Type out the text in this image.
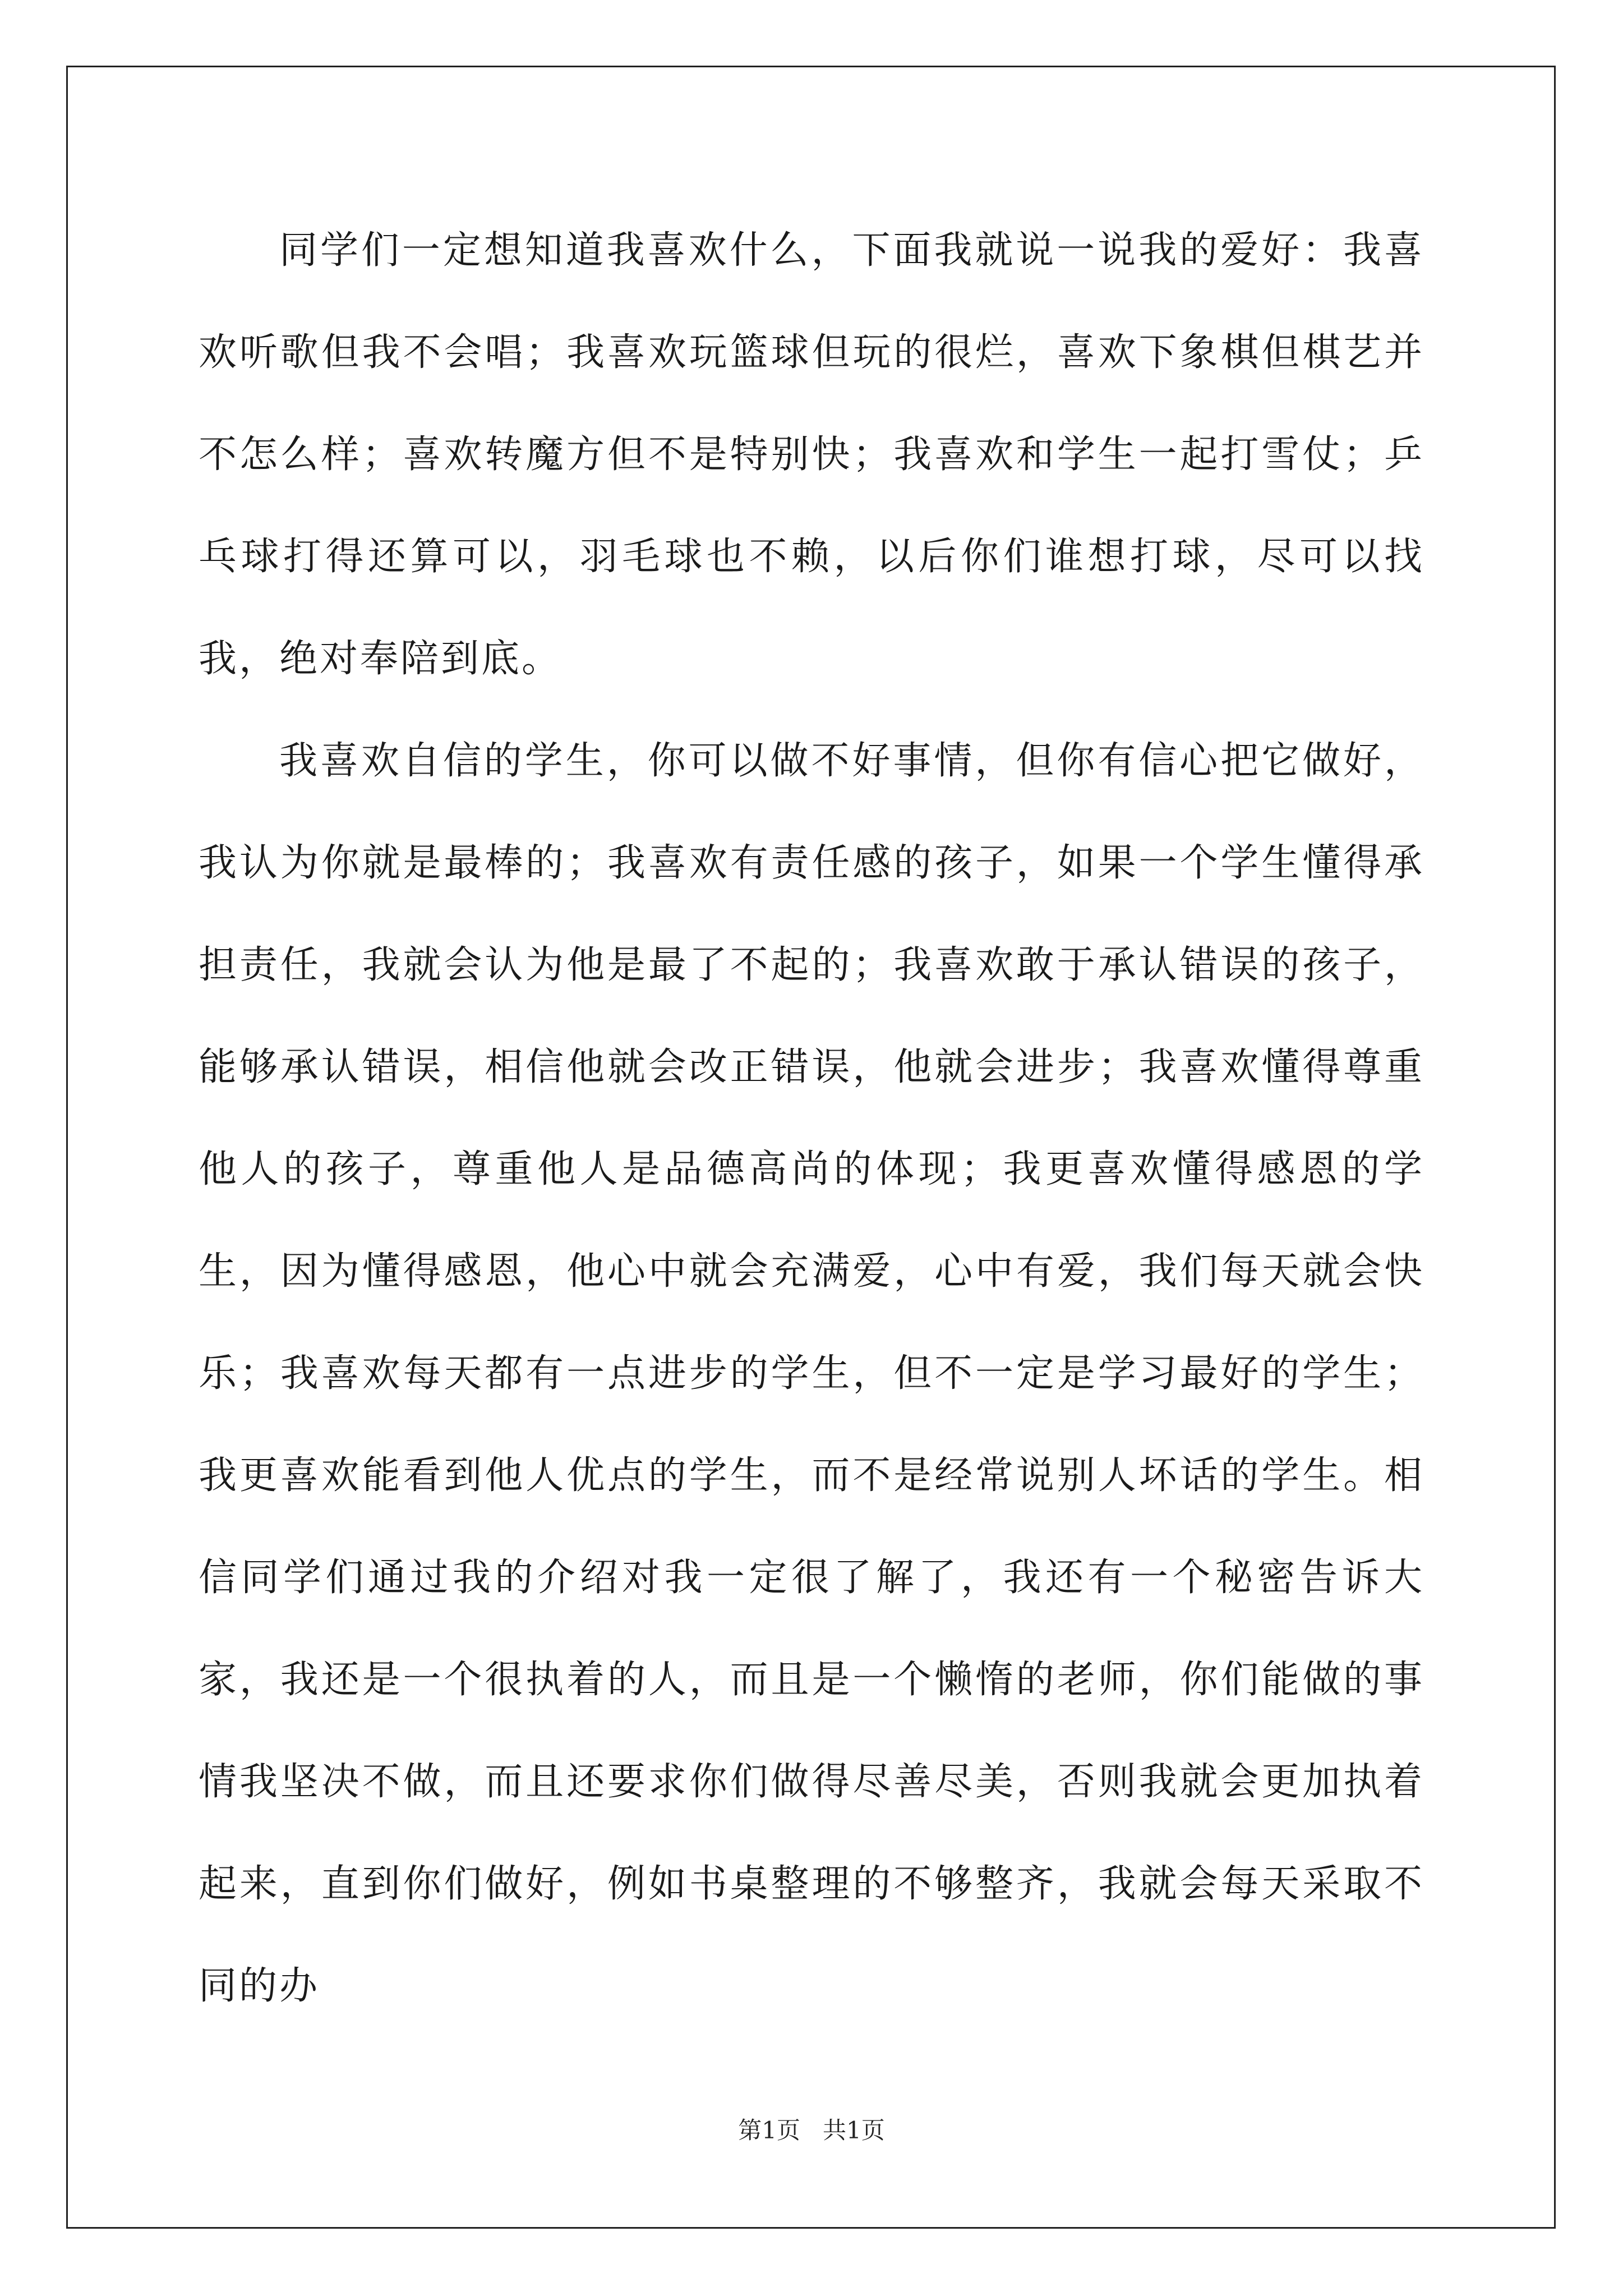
同学们一定想知道我喜欢什么，下面我就说一说我的爱好：我喜欢听歌但我不会唱；我喜欢玩篮球但玩的很烂，喜欢下象棋但棋艺并不怎么样；喜欢转魔方但不是特别快；我喜欢和学生一起打雪仗；乒乓球打得还算可以，羽毛球也不赖，以后你们谁想打球，尽可以找我，绝对奉陪到底。

我喜欢自信的学生，你可以做不好事情，但你有信心把它做好，我认为你就是最棒的；我喜欢有责任感的孩子，如果一个学生懂得承担责任，我就会认为他是最了不起的；我喜欢敢于承认错误的孩子，能够承认错误，相信他就会改正错误，他就会进步；我喜欢懂得尊重他人的孩子，尊重他人是品德高尚的体现；我更喜欢懂得感恩的学生，因为懂得感恩，他心中就会充满爱，心中有爱，我们每天就会快乐；我喜欢每天都有一点进步的学生，但不一定是学习最好的学生；我更喜欢能看到他人优点的学生，而不是经常说别人坏话的学生。相信同学们通过我的介绍对我一定很了解了，我还有一个秘密告诉大家，我还是一个很执着的人，而且是一个懒惰的老师，你们能做的事情我坚决不做，而且还要求你们做得尽善尽美，否则我就会更加执着起来，直到你们做好，例如书桌整理的不够整齐，我就会每天采取不同的办

第1页 共1页
